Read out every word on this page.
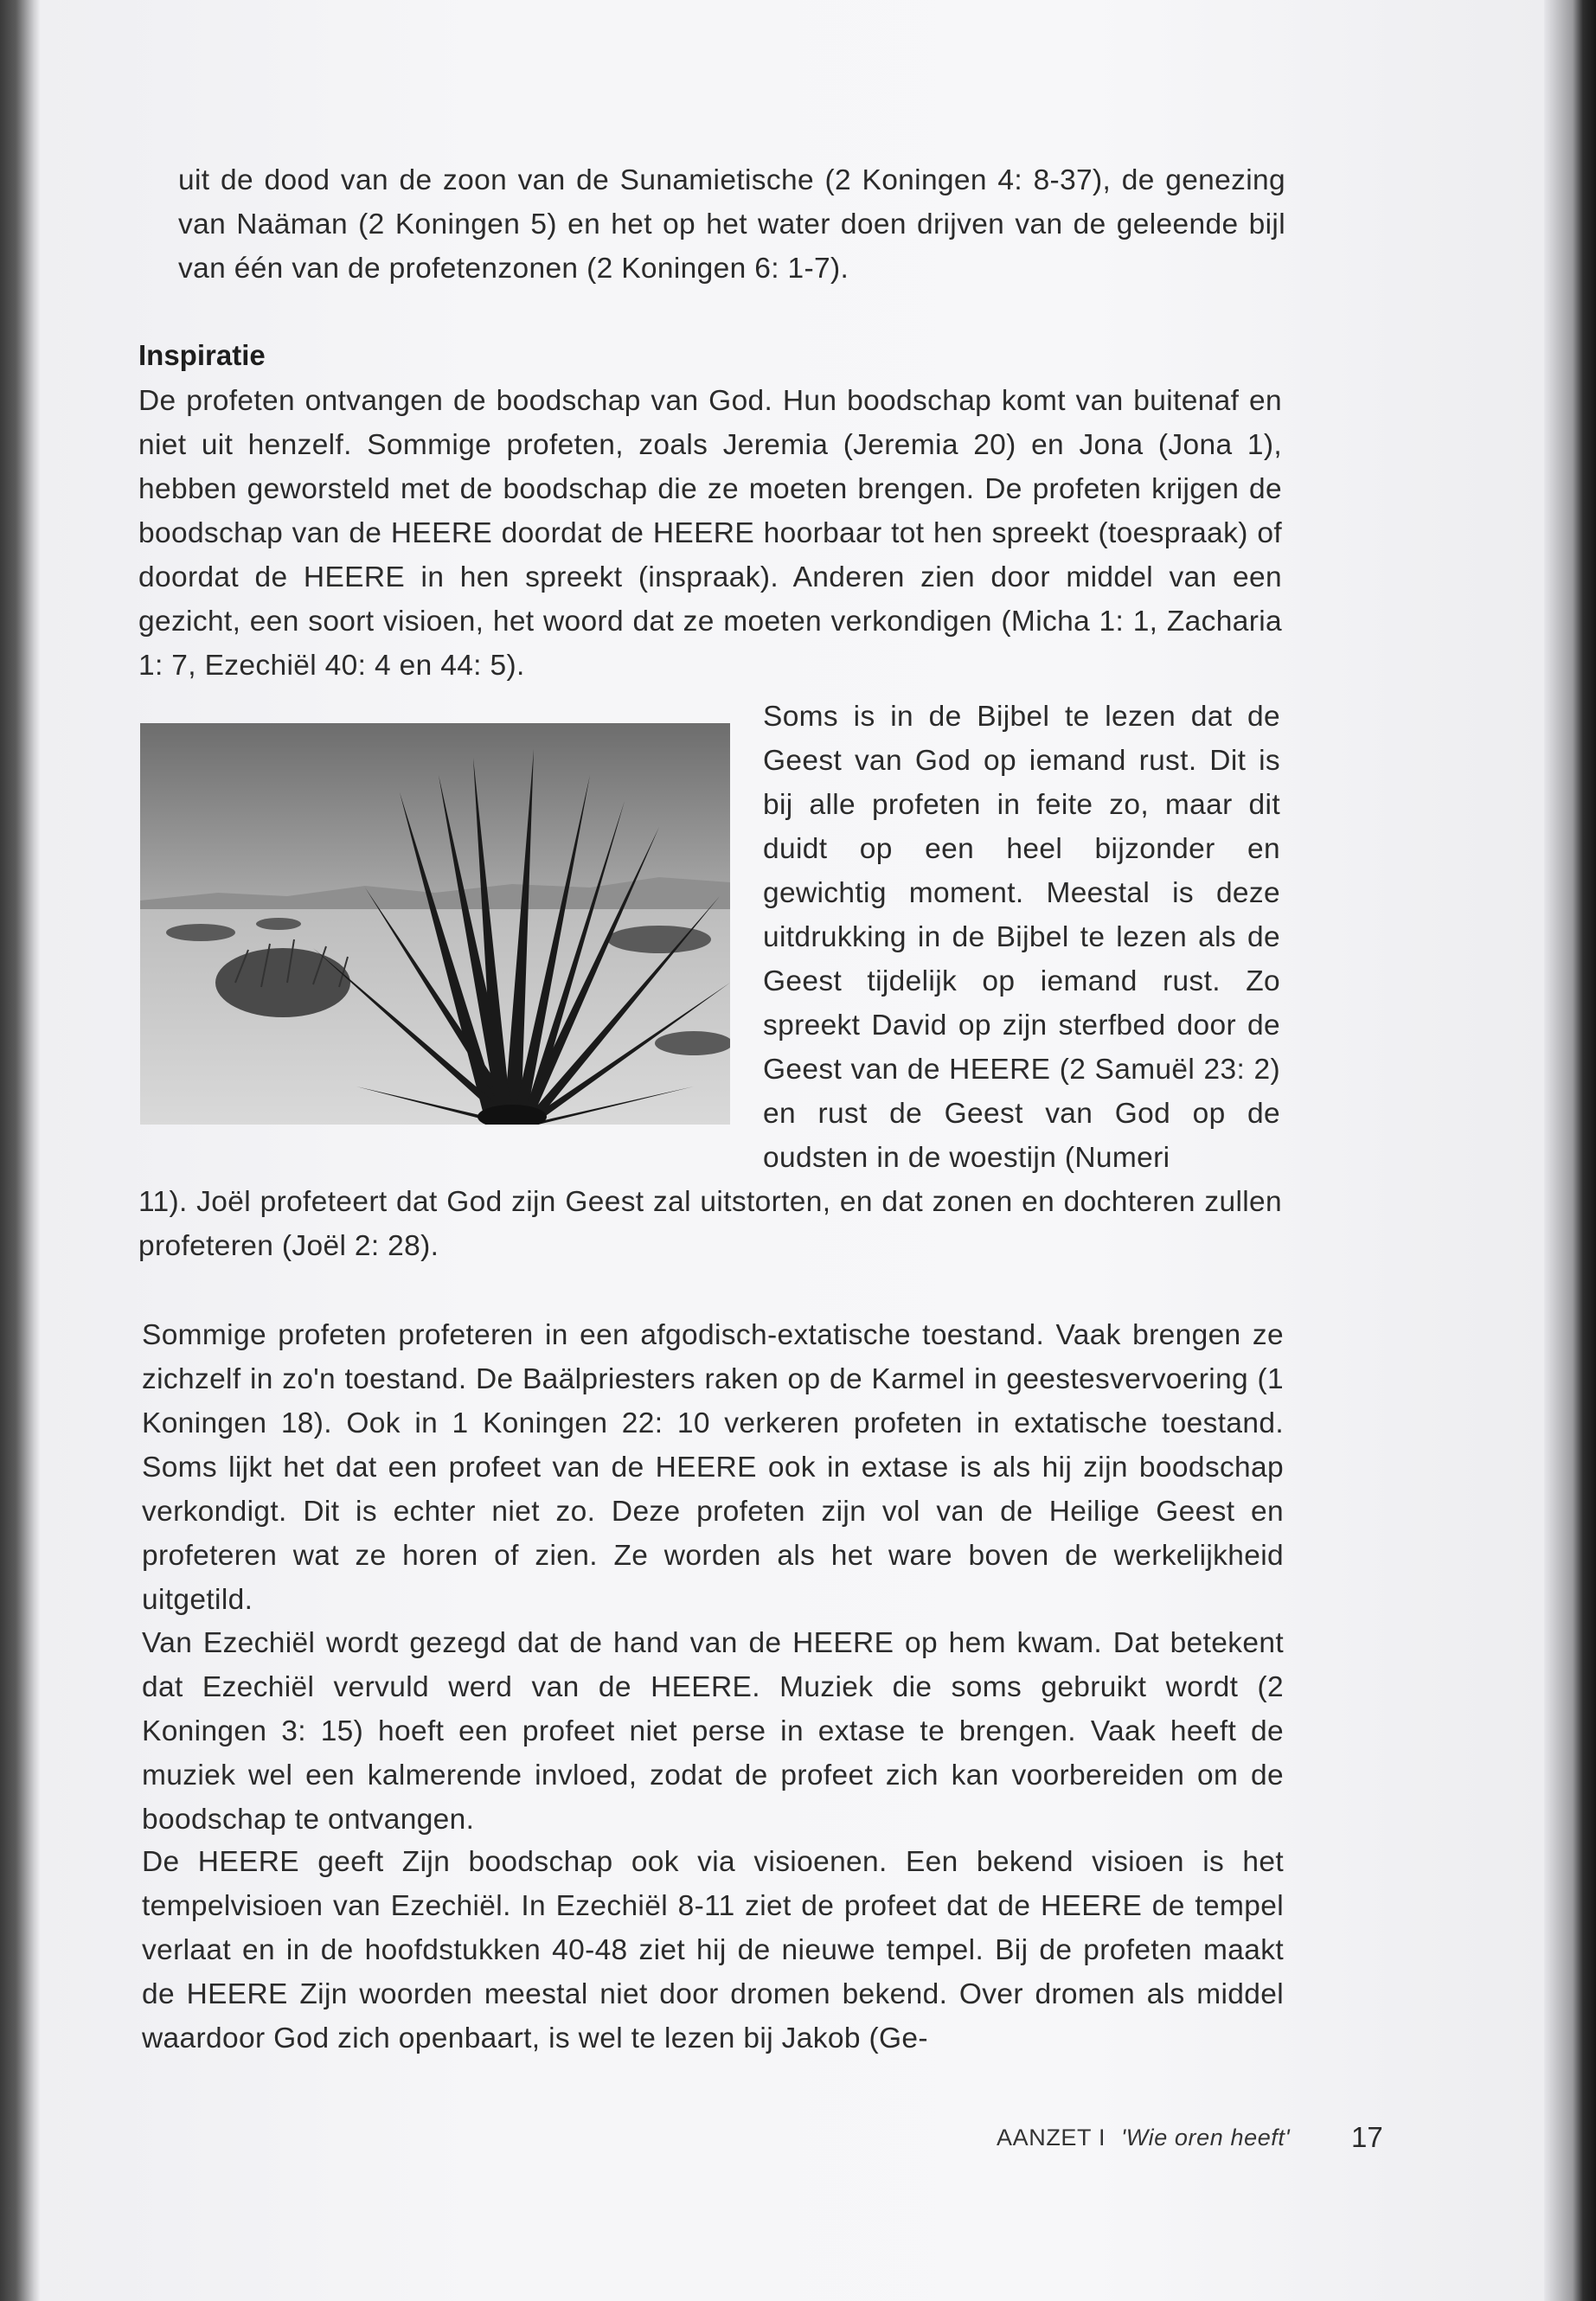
uit de dood van de zoon van de Sunamietische (2 Koningen 4: 8-37), de genezing van Naäman (2 Koningen 5) en het op het water doen drijven van de geleende bijl van één van de profetenzonen (2 Koningen 6: 1-7).

Inspiratie

De profeten ontvangen de boodschap van God. Hun boodschap komt van buitenaf en niet uit henzelf. Sommige profeten, zoals Jeremia (Jeremia 20) en Jona (Jona 1), hebben geworsteld met de boodschap die ze moeten brengen. De profeten krijgen de boodschap van de HEERE doordat de HEERE hoorbaar tot hen spreekt (toespraak) of doordat de HEERE in hen spreekt (inspraak). Anderen zien door middel van een gezicht, een soort visioen, het woord dat ze moeten verkondigen (Micha 1: 1, Zacharia 1: 7, Ezechiël 40: 4 en 44: 5).

Soms is in de Bijbel te lezen dat de Geest van God op iemand rust. Dit is bij alle profeten in feite zo, maar dit duidt op een heel bijzonder en gewichtig moment. Meestal is deze uitdrukking in de Bijbel te lezen als de Geest tijdelijk op iemand rust. Zo spreekt David op zijn sterfbed door de Geest van de HEERE (2 Samuël 23: 2) en rust de Geest van God op de oudsten in de woestijn (Numeri

11). Joël profeteert dat God zijn Geest zal uitstorten, en dat zonen en dochteren zullen profeteren (Joël 2: 28).

Sommige profeten profeteren in een afgodisch-extatische toestand. Vaak brengen ze zichzelf in zo'n toestand. De Baälpriesters raken op de Karmel in geestesvervoering (1 Koningen 18). Ook in 1 Koningen 22: 10 verkeren profeten in extatische toestand. Soms lijkt het dat een profeet van de HEERE ook in extase is als hij zijn boodschap verkondigt. Dit is echter niet zo. Deze profeten zijn vol van de Heilige Geest en profeteren wat ze horen of zien. Ze worden als het ware boven de werkelijkheid uitgetild.

Van Ezechiël wordt gezegd dat de hand van de HEERE op hem kwam. Dat betekent dat Ezechiël vervuld werd van de HEERE. Muziek die soms gebruikt wordt (2 Koningen 3: 15) hoeft een profeet niet perse in extase te brengen. Vaak heeft de muziek wel een kalmerende invloed, zodat de profeet zich kan voorbereiden om de boodschap te ontvangen.

De HEERE geeft Zijn boodschap ook via visioenen. Een bekend visioen is het tempelvisioen van Ezechiël. In Ezechiël 8-11 ziet de profeet dat de HEERE de tempel verlaat en in de hoofdstukken 40-48 ziet hij de nieuwe tempel. Bij de profeten maakt de HEERE Zijn woorden meestal niet door dromen bekend. Over dromen als middel waardoor God zich openbaart, is wel te lezen bij Jakob (Ge-

AANZET I 'Wie oren heeft' 17
